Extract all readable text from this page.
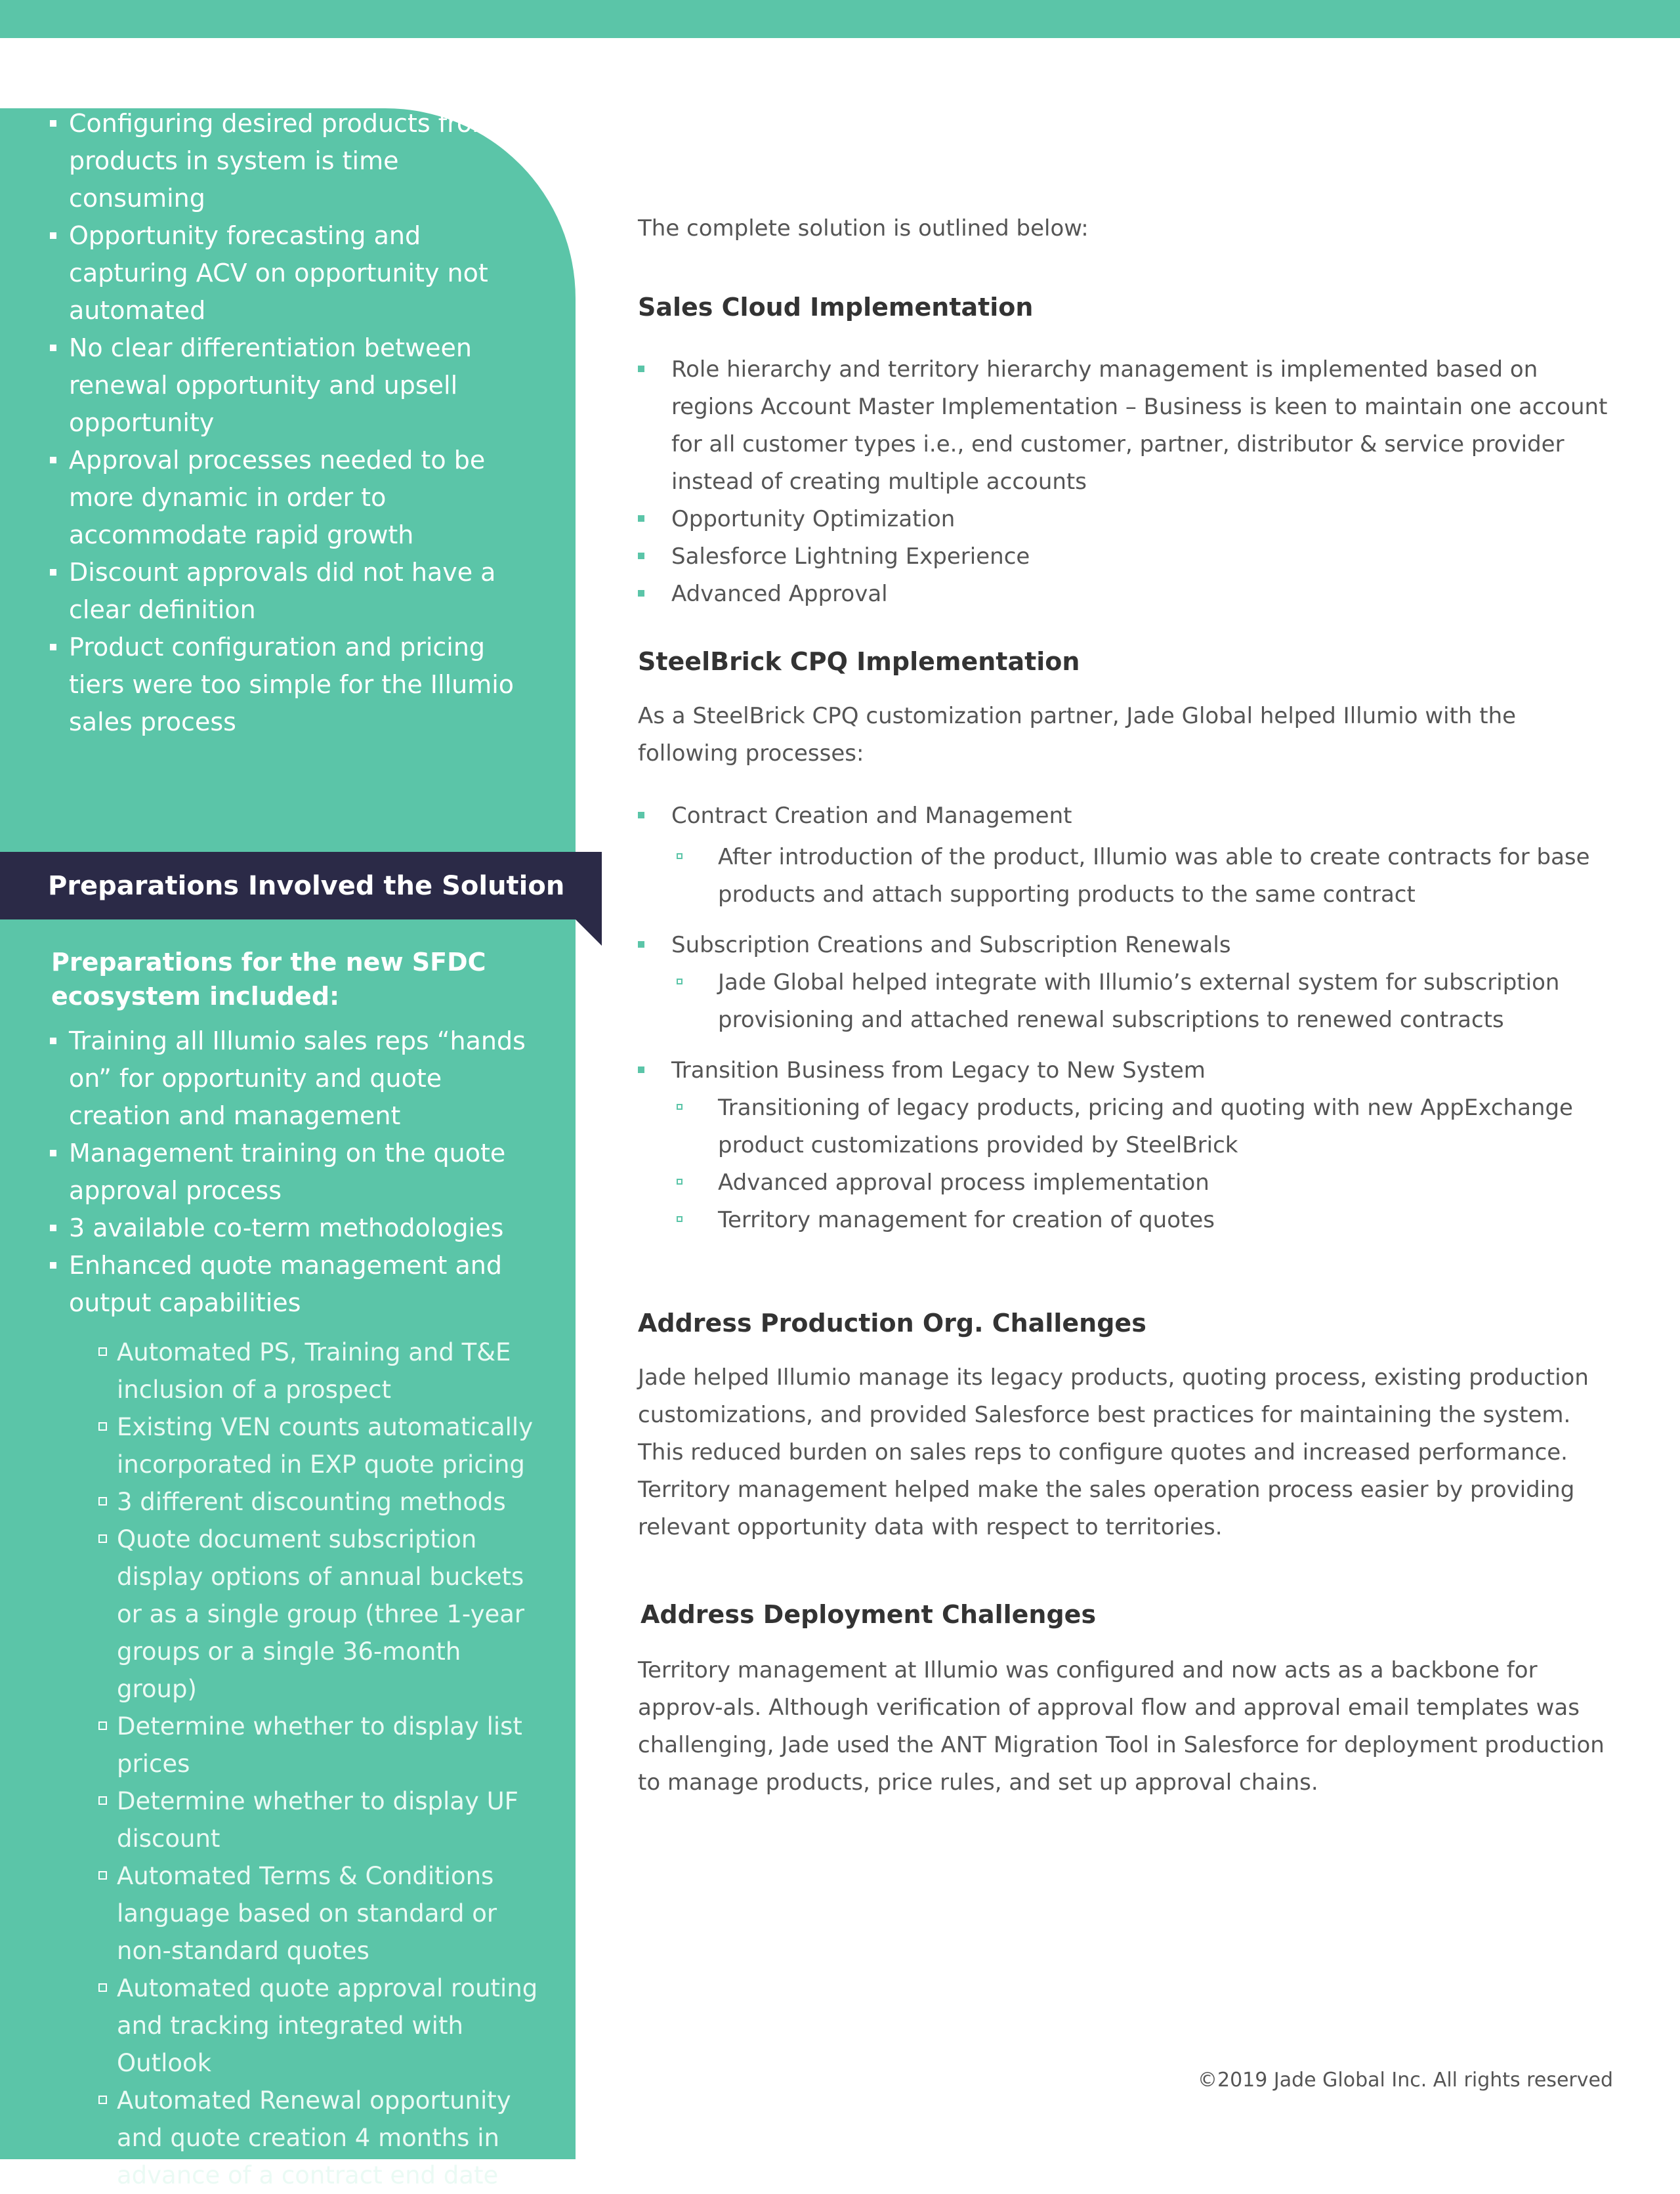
Configuring desired products from all products in system is time consuming
Opportunity forecasting and capturing ACV on opportunity not automated
No clear differentiation between renewal opportunity and upsell opportunity
Approval processes needed to be more dynamic in order to accommodate rapid growth
Discount approvals did not have a clear definition
Product configuration and pricing tiers were too simple for the Illumio sales process
Preparations Involved the Solution
Preparations for the new SFDC ecosystem included:
Training all Illumio sales reps “hands on” for opportunity and quote creation and management
Management training on the quote approval process
3 available co-term methodologies
Enhanced quote management and output capabilities
Automated PS, Training and T&E inclusion of a prospect
Existing VEN counts automatically incorporated in EXP quote pricing
3 different discounting methods
Quote document subscription display options of annual buckets or as a single group (three 1-year groups or a single 36-month group)
Determine whether to display list prices
Determine whether to display UF discount
Automated Terms & Conditions language based on standard or non-standard quotes
Automated quote approval routing and tracking integrated with Outlook
Automated Renewal opportunity and quote creation 4 months in advance of a contract end date

The complete solution is outlined below:

Sales Cloud Implementation
Role hierarchy and territory hierarchy management is implemented based on regions Account Master Implementation – Business is keen to maintain one account for all customer types i.e., end customer, partner, distributor & service provider instead of creating multiple accounts
Opportunity Optimization
Salesforce Lightning Experience
Advanced Approval
SteelBrick CPQ Implementation

As a SteelBrick CPQ customization partner, Jade Global helped Illumio with the following processes:

Contract Creation and Management
After introduction of the product, Illumio was able to create contracts for base products and attach supporting products to the same contract
Subscription Creations and Subscription Renewals
Jade Global helped integrate with Illumio’s external system for subscription provisioning and attached renewal subscriptions to renewed contracts
Transition Business from Legacy to New System
Transitioning of legacy products, pricing and quoting with new AppExchange product customizations provided by SteelBrick
Advanced approval process implementation
Territory management for creation of quotes
Address Production Org. Challenges

Jade helped Illumio manage its legacy products, quoting process, existing production customizations, and provided Salesforce best practices for maintaining the system. This reduced burden on sales reps to configure quotes and increased performance. Territory management helped make the sales operation process easier by providing relevant opportunity data with respect to territories.

Address Deployment Challenges

Territory management at Illumio was configured and now acts as a backbone for approv-als. Although verification of approval flow and approval email templates was challenging, Jade used the ANT Migration Tool in Salesforce for deployment production to manage products, price rules, and set up approval chains.

©2019 Jade Global Inc. All rights reserved
